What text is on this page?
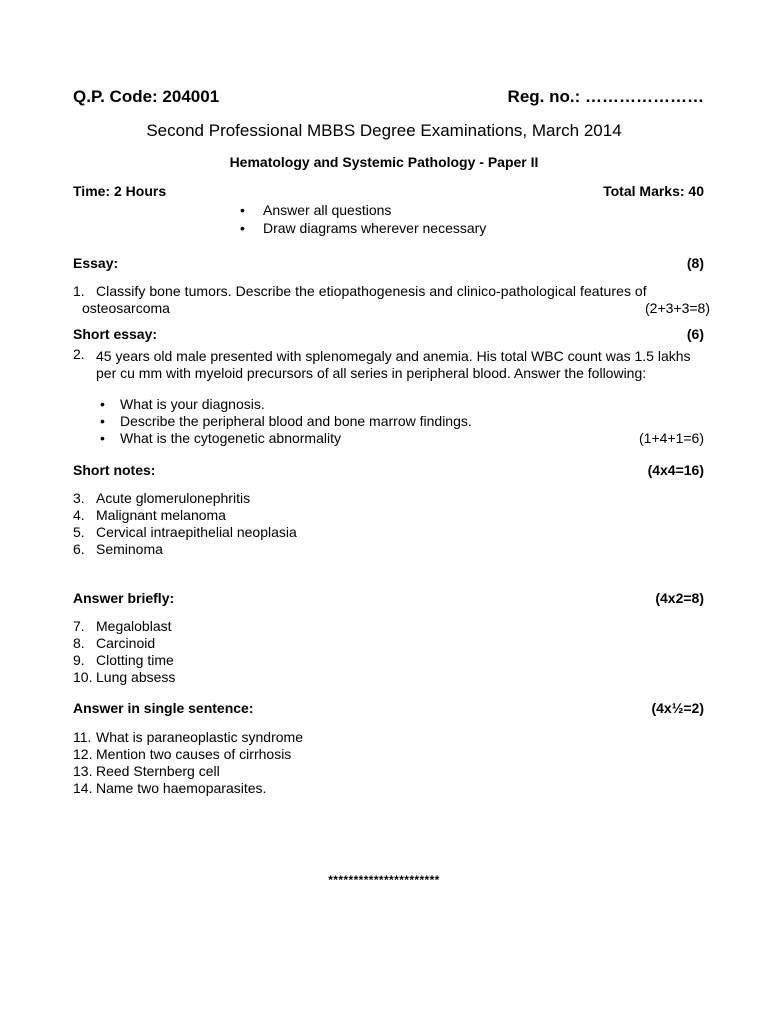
Q.P. Code: 204001	Reg. no.: …………………
Second Professional MBBS Degree Examinations, March 2014
Hematology and Systemic Pathology - Paper II
Time: 2 Hours	Total Marks: 40
•	Answer all questions
•	Draw diagrams wherever necessary
Essay:	(8)
1. Classify bone tumors. Describe the etiopathogenesis and clinico-pathological features of
osteosarcoma	(2+3+3=8)
Short essay:	(6)
2. 45 years old male presented with splenomegaly and anemia. His total WBC count was 1.5 lakhs per cu mm with myeloid precursors of all series in peripheral blood. Answer the following:
•	What is your diagnosis.
•	Describe the peripheral blood and bone marrow findings.
•	What is the cytogenetic abnormality	(1+4+1=6)
Short notes:	(4x4=16)
3. Acute glomerulonephritis
4. Malignant melanoma
5. Cervical intraepithelial neoplasia
6. Seminoma
Answer briefly:	(4x2=8)
7. Megaloblast
8. Carcinoid
9. Clotting time
10. Lung absess
Answer in single sentence:	(4x½=2)
11. What is paraneoplastic syndrome
12. Mention two causes of cirrhosis
13. Reed Sternberg cell
14. Name two haemoparasites.
**********************
